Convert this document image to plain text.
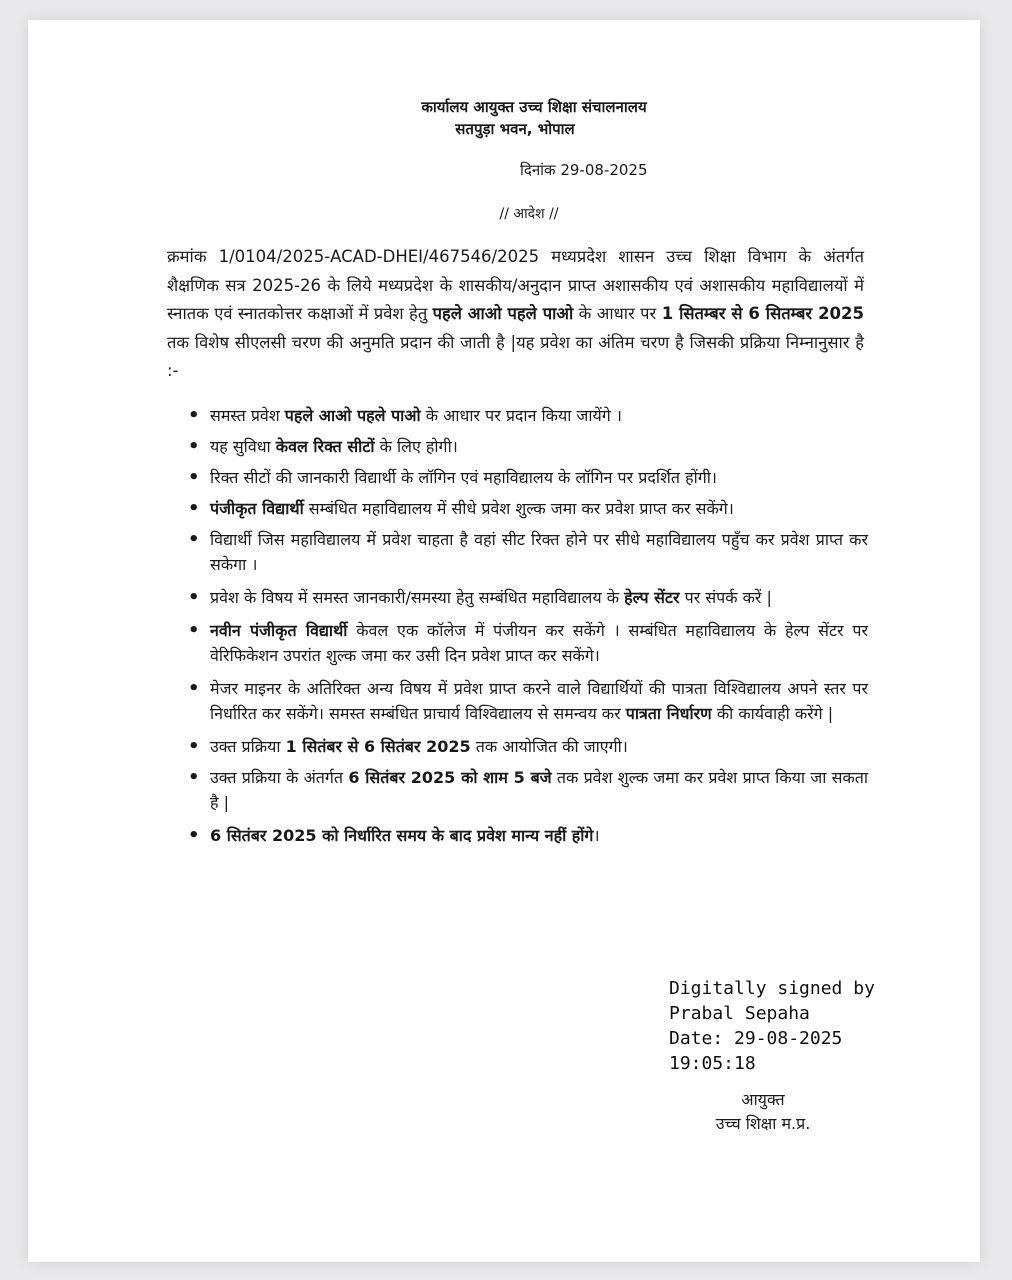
कार्यालय आयुक्त उच्च शिक्षा संचालनालय
सतपुड़ा भवन, भोपाल
दिनांक 29-08-2025
// आदेश //
क्रमांक 1/0104/2025-ACAD-DHEI/467546/2025 मध्यप्रदेश शासन उच्च शिक्षा विभाग के अंतर्गत शैक्षणिक सत्र 2025-26 के लिये मध्यप्रदेश के शासकीय/अनुदान प्राप्त अशासकीय एवं अशासकीय महाविद्यालयों में स्नातक एवं स्नातकोत्तर कक्षाओं में प्रवेश हेतु पहले आओ पहले पाओ के आधार पर 1 सितम्बर से 6 सितम्बर 2025 तक विशेष सीएलसी चरण की अनुमति प्रदान की जाती है |यह प्रवेश का अंतिम चरण है जिसकी प्रक्रिया निम्नानुसार है :-
• समस्त प्रवेश पहले आओ पहले पाओ के आधार पर प्रदान किया जायेंगे ।
• यह सुविधा केवल रिक्त सीटों के लिए होगी।
• रिक्त सीटों की जानकारी विद्यार्थी के लॉगिन एवं महाविद्यालय के लॉगिन पर प्रदर्शित होंगी।
• पंजीकृत विद्यार्थी सम्बंधित महाविद्यालय में सीधे प्रवेश शुल्क जमा कर प्रवेश प्राप्त कर सकेंगे।
• विद्यार्थी जिस महाविद्यालय में प्रवेश चाहता है वहां सीट रिक्त होने पर सीधे महाविद्यालय पहुँच कर प्रवेश प्राप्त कर सकेगा ।
• प्रवेश के विषय में समस्त जानकारी/समस्या हेतु सम्बंधित महाविद्यालय के हेल्प सेंटर पर संपर्क करें |
• नवीन पंजीकृत विद्यार्थी केवल एक कॉलेज में पंजीयन कर सकेंगे । सम्बंधित महाविद्यालय के हेल्प सेंटर पर वेरिफिकेशन उपरांत शुल्क जमा कर उसी दिन प्रवेश प्राप्त कर सकेंगे।
• मेजर माइनर के अतिरिक्त अन्य विषय में प्रवेश प्राप्त करने वाले विद्यार्थियों की पात्रता विश्विद्यालय अपने स्तर पर निर्धारित कर सकेंगे। समस्त सम्बंधित प्राचार्य विश्विद्यालय से समन्वय कर पात्रता निर्धारण की कार्यवाही करेंगे |
• उक्त प्रक्रिया 1 सितंबर से 6 सितंबर 2025 तक आयोजित की जाएगी।
• उक्त प्रक्रिया के अंतर्गत 6 सितंबर 2025 को शाम 5 बजे तक प्रवेश शुल्क जमा कर प्रवेश प्राप्त किया जा सकता है |
• 6 सितंबर 2025 को निर्धारित समय के बाद प्रवेश मान्य नहीं होंगे।
Digitally signed by
Prabal Sepaha
Date: 29-08-2025
19:05:18
आयुक्त
उच्च शिक्षा म.प्र.
